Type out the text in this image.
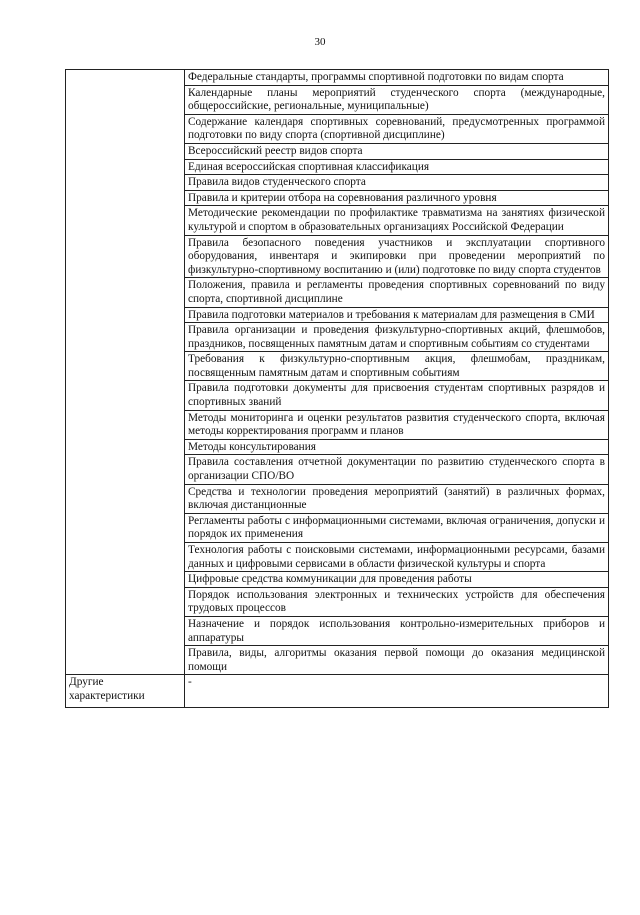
30
	Федеральные стандарты, программы спортивной подготовки по видам спорта
	Календарные планы мероприятий студенческого спорта (международные, общероссийские, региональные, муниципальные)
	Содержание календаря спортивных соревнований, предусмотренных программой подготовки по виду спорта (спортивной дисциплине)
	Всероссийский реестр видов спорта
	Единая всероссийская спортивная классификация
	Правила видов студенческого спорта
	Правила и критерии отбора на соревнования различного уровня
	Методические рекомендации по профилактике травматизма на занятиях физической культурой и спортом в образовательных организациях Российской Федерации
	Правила безопасного поведения участников и эксплуатации спортивного оборудования, инвентаря и экипировки при проведении мероприятий по физкультурно-спортивному воспитанию и (или) подготовке по виду спорта студентов
	Положения, правила и регламенты проведения спортивных соревнований по виду спорта, спортивной дисциплине
	Правила подготовки материалов и требования к материалам для размещения в СМИ
	Правила организации и проведения физкультурно-спортивных акций, флешмобов, праздников, посвященных памятным датам и спортивным событиям со студентами
	Требования к физкультурно-спортивным акция, флешмобам, праздникам, посвященным памятным датам и спортивным событиям
	Правила подготовки документы для присвоения студентам спортивных разрядов и спортивных званий
	Методы мониторинга и оценки результатов развития студенческого спорта, включая методы корректирования программ и планов
	Методы консультирования
	Правила составления отчетной документации по развитию студенческого спорта в организации СПО/ВО
	Средства и технологии проведения мероприятий (занятий) в различных формах, включая дистанционные
	Регламенты работы с информационными системами, включая ограничения, допуски и порядок их применения
	Технология работы с поисковыми системами, информационными ресурсами, базами данных и цифровыми сервисами в области физической культуры и спорта
	Цифровые средства коммуникации для проведения работы
	Порядок использования электронных и технических устройств для обеспечения трудовых процессов
	Назначение и порядок использования контрольно-измерительных приборов и аппаратуры
	Правила, виды, алгоритмы оказания первой помощи до оказания медицинской помощи
Другие характеристики	-
